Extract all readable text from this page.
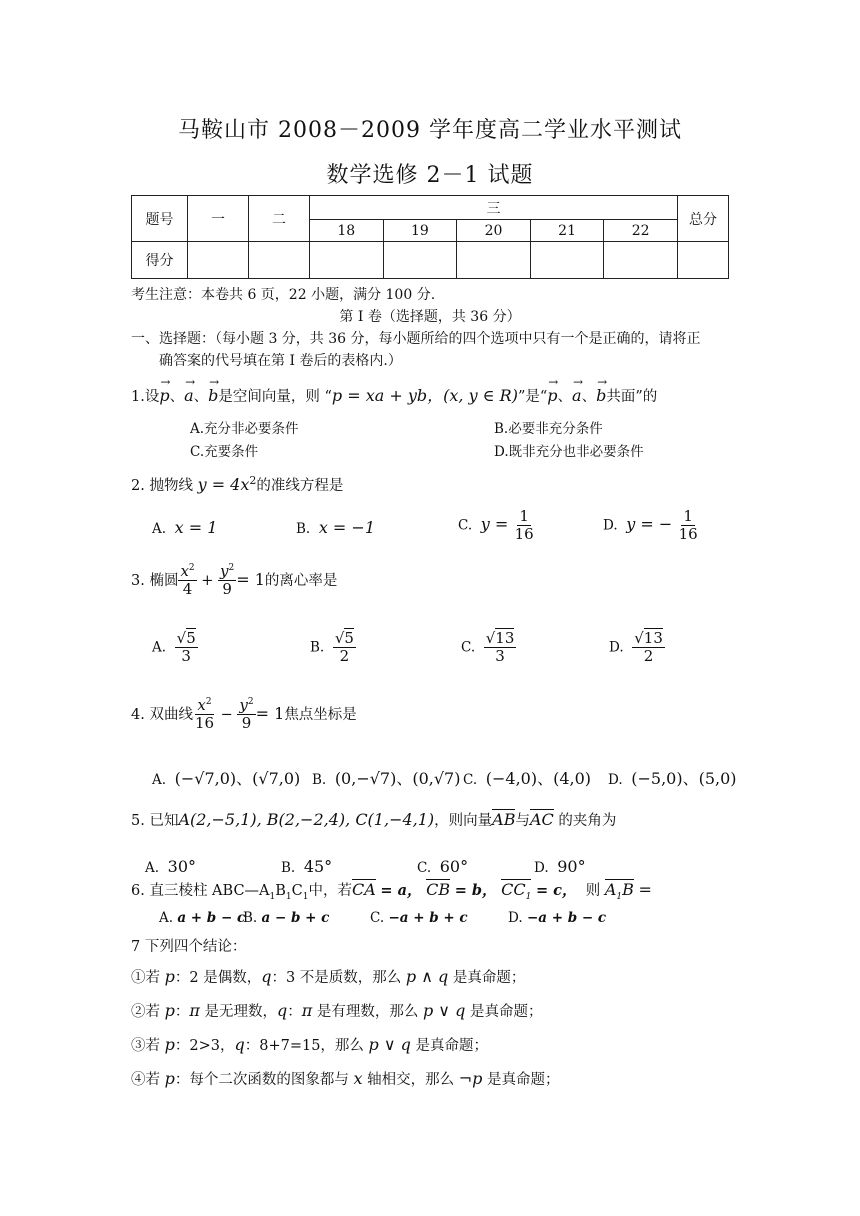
马鞍山市 2008－2009 学年度高二学业水平测试
数学选修 2－1 试题
题号	一	二	三					总分
			18	19	20	21	22	
得分								
考生注意：本卷共 6 页，22 小题，满分 100 分.
第 I 卷（选择题，共 36 分）
一、选择题：（每小题 3 分，共 36 分，每小题所给的四个选项中只有一个是正确的，请将正
确答案的代号填在第 I 卷后的表格内.）
1.设
→
p、
→
a、
→
b是空间向量，则 “p = xa + yb，(x, y ∈ R)”是“
→
p、
→
a、
→
b共面”的
A.充分非必要条件	B.必要非充分条件
C.充要条件	D.既非充分也非必要条件
2. 抛物线 $y = 4x^2$的准线方程是
A. x = 1	B. x = −1	C. $y = \frac{1}{16}$	D. y = − $\frac{1}{16}$
3. 椭圆 $\frac{x^2}{4} + \frac{y^2}{9} = 1$的离心率是
A. $\frac{√5}{3}$	B. $\frac{√5}{2}$	C. $\frac{√13}{3}$	D. $\frac{√13}{2}$
4. 双曲线 $\frac{x^2}{16} - \frac{y^2}{9} = 1$焦点坐标是
A. (−√7,0)、(√7,0) B. (0,−√7)、(0,√7) C. (−4,0)、(4,0) D. (−5,0)、(5,0)
5. 已知A(2,−5,1), B(2,−2,4), C(1,−4,1)，则向量AB与AC 的夹角为
A. 30°	B. 45°	C. 60°	D. 90°
6. 直三棱柱 $ABC—A_1B_1C_1$中，若CA = a， CB = b， $CC_1 = c$， 则 $A_1B$ =
A. a + b − c
B. a − b + c	C. −a + b + c	D. −a + b − c
7 下列四个结论：
①若 p：2 是偶数，q：3 不是质数，那么 p ∧ q 是真命题；
②若 p：π 是无理数，q：π 是有理数，那么 p ∨ q 是真命题；
③若 p：2>3，q：8+7=15，那么 p ∨ q 是真命题；
④若 p：每个二次函数的图象都与 x 轴相交，那么 ¬p 是真命题；
